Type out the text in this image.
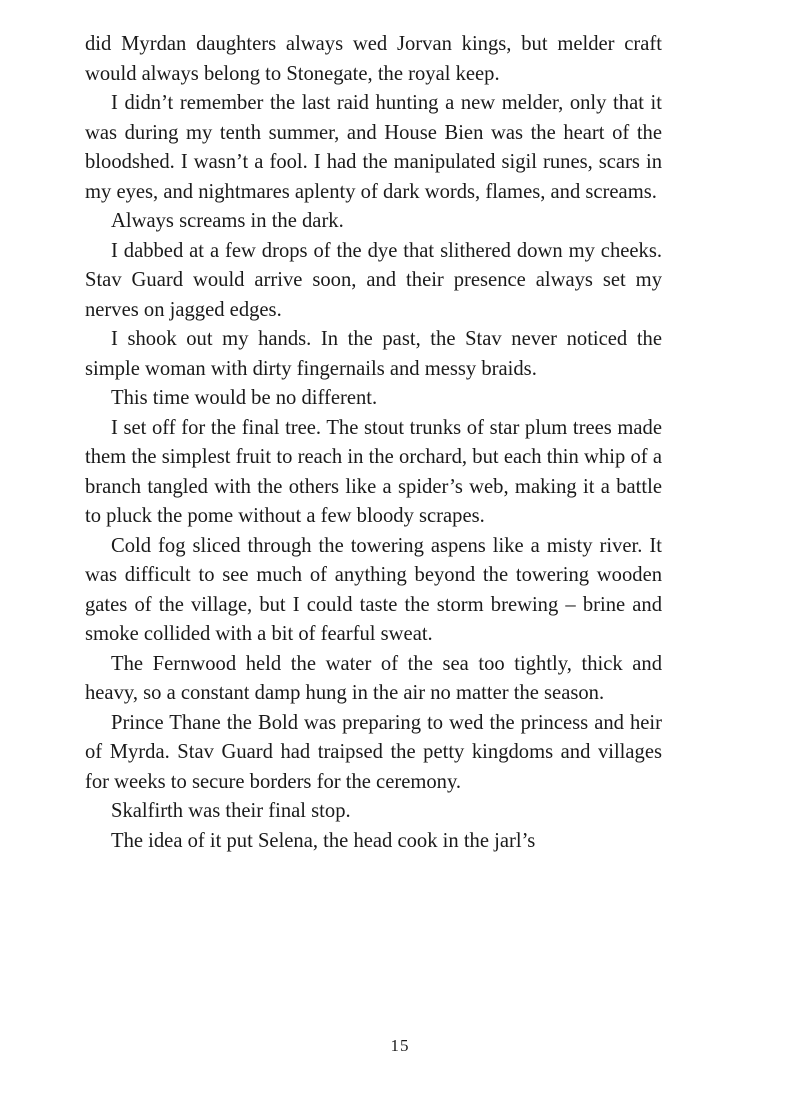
did Myrdan daughters always wed Jorvan kings, but melder craft would always belong to Stonegate, the royal keep.

I didn’t remember the last raid hunting a new melder, only that it was during my tenth summer, and House Bien was the heart of the bloodshed. I wasn’t a fool. I had the manipulated sigil runes, scars in my eyes, and nightmares aplenty of dark words, flames, and screams.

Always screams in the dark.

I dabbed at a few drops of the dye that slithered down my cheeks. Stav Guard would arrive soon, and their presence always set my nerves on jagged edges.

I shook out my hands. In the past, the Stav never noticed the simple woman with dirty fingernails and messy braids.

This time would be no different.

I set off for the final tree. The stout trunks of star plum trees made them the simplest fruit to reach in the orchard, but each thin whip of a branch tangled with the others like a spider’s web, making it a battle to pluck the pome without a few bloody scrapes.

Cold fog sliced through the towering aspens like a misty river. It was difficult to see much of anything beyond the towering wooden gates of the village, but I could taste the storm brewing – brine and smoke collided with a bit of fearful sweat.

The Fernwood held the water of the sea too tightly, thick and heavy, so a constant damp hung in the air no matter the season.

Prince Thane the Bold was preparing to wed the princess and heir of Myrda. Stav Guard had traipsed the petty kingdoms and villages for weeks to secure borders for the ceremony.

Skalfirth was their final stop.

The idea of it put Selena, the head cook in the jarl’s

15
